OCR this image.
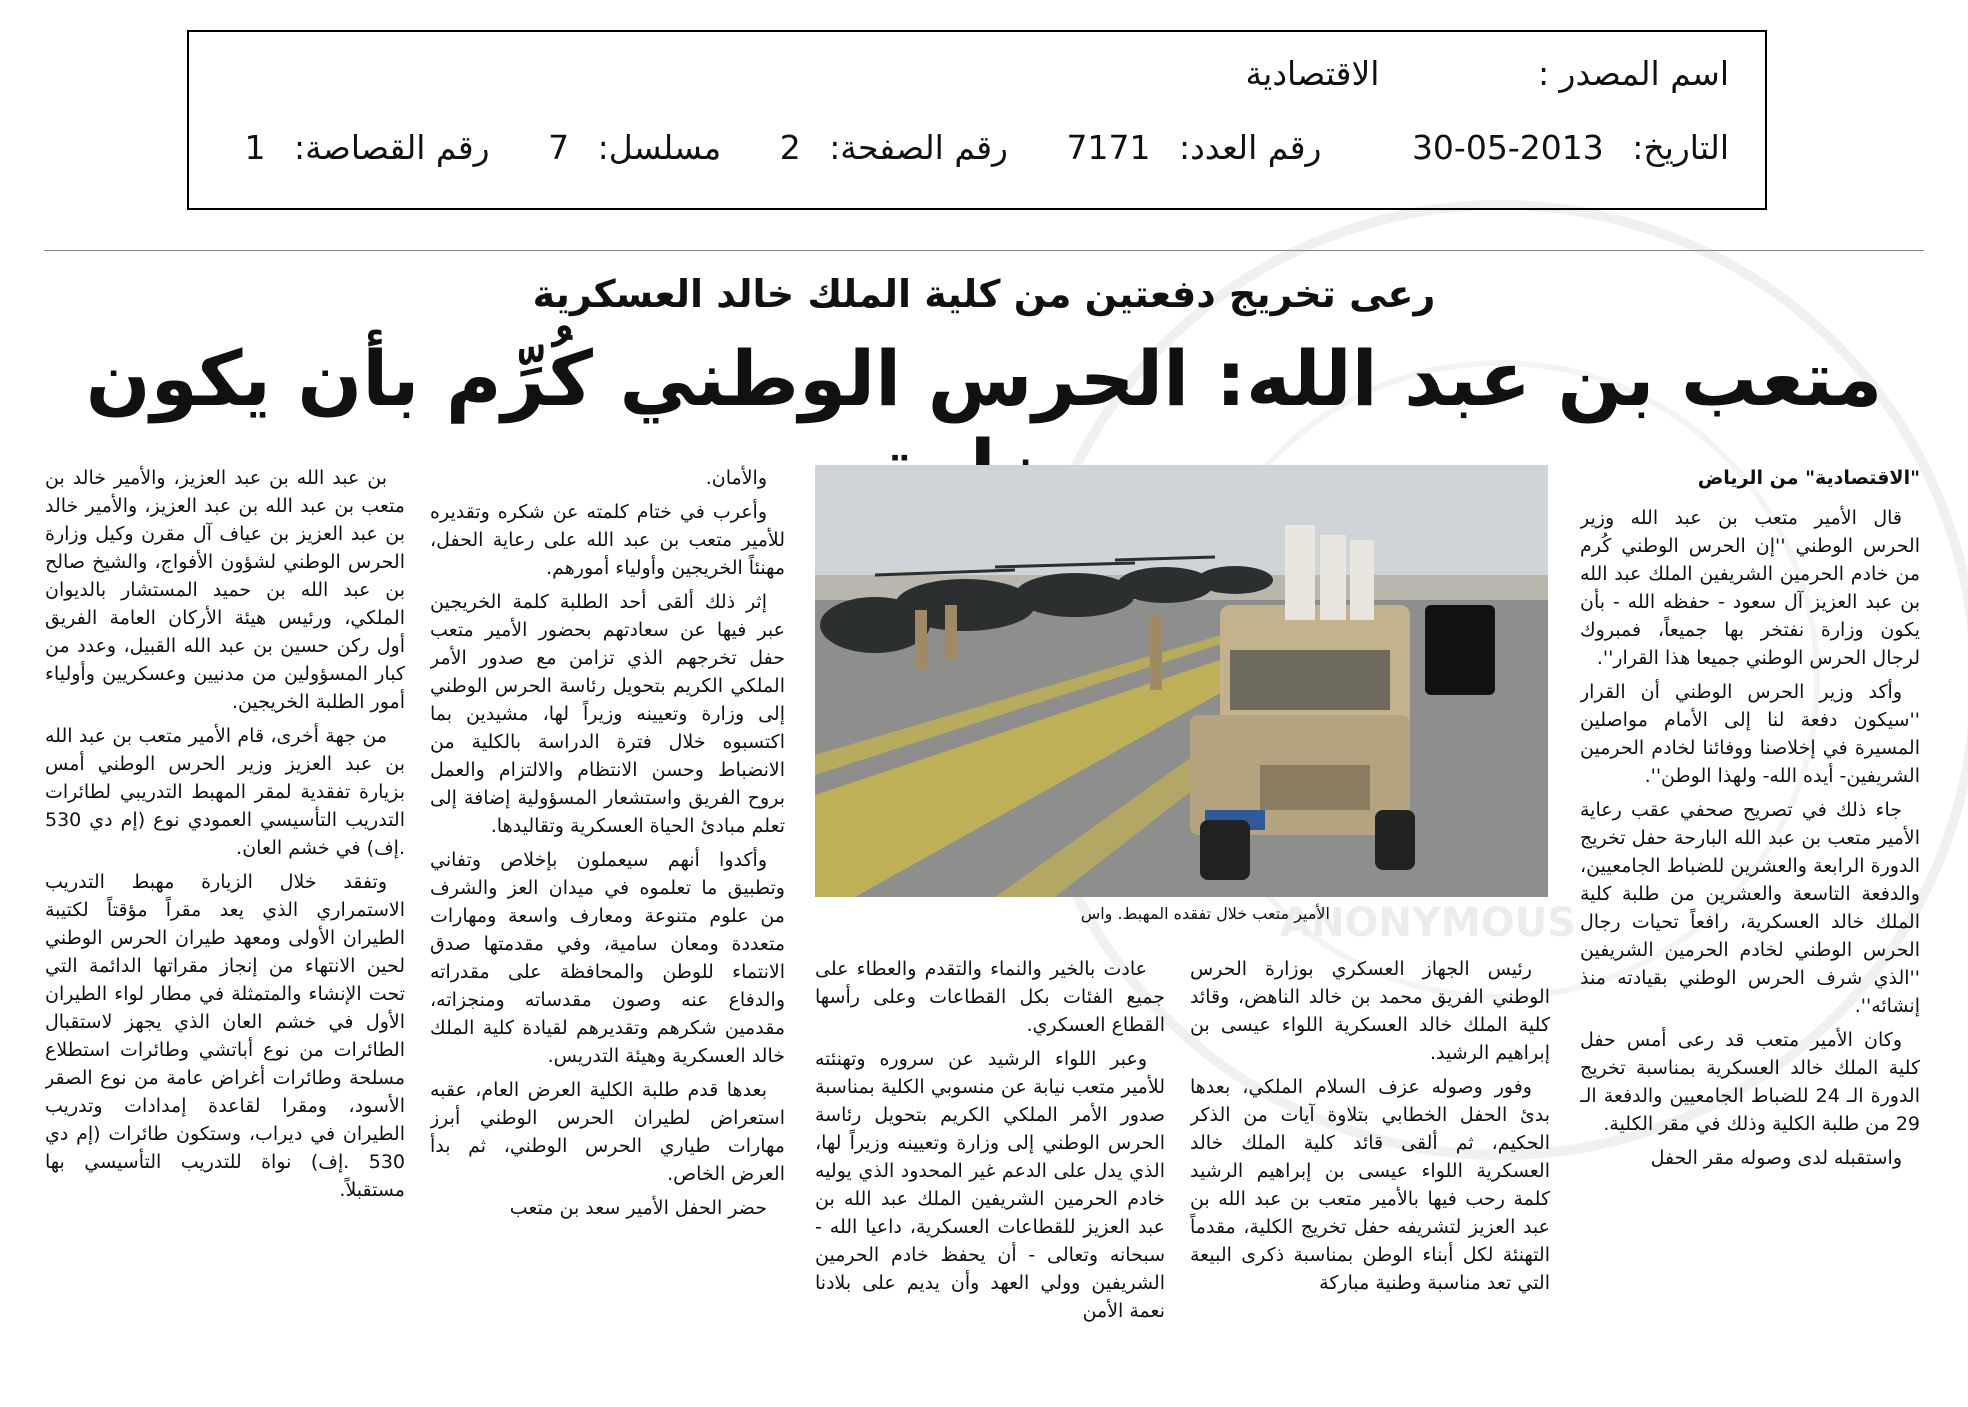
ANONYMOUS
اسم المصدر : الاقتصادية
التاريخ: 30-05-2013 رقم العدد: 7171 رقم الصفحة: 2 مسلسل: 7 رقم القصاصة: 1
رعى تخريج دفعتين من كلية الملك خالد العسكرية
متعب بن عبد الله: الحرس الوطني كُرِّم بأن يكون

"الاقتصادية" من الرياض

قال الأمير متعب بن عبد الله وزير الحرس الوطني ''إن الحرس الوطني كُرم من خادم الحرمين الشريفين الملك عبد الله بن عبد العزيز آل سعود - حفظه الله - بأن يكون وزارة نفتخر بها جميعاً، فمبروك لرجال الحرس الوطني جميعا هذا القرار''.

وأكد وزير الحرس الوطني أن القرار ''سيكون دفعة لنا إلى الأمام مواصلين المسيرة في إخلاصنا ووفائنا لخادم الحرمين الشريفين- أيده الله- ولهذا الوطن''.

جاء ذلك في تصريح صحفي عقب رعاية الأمير متعب بن عبد الله البارحة حفل تخريج الدورة الرابعة والعشرين للضباط الجامعيين، والدفعة التاسعة والعشرين من طلبة كلية الملك خالد العسكرية، رافعاً تحيات رجال الحرس الوطني لخادم الحرمين الشريفين ''الذي شرف الحرس الوطني بقيادته منذ إنشائه''.

وكان الأمير متعب قد رعى أمس حفل كلية الملك خالد العسكرية بمناسبة تخريج الدورة الـ 24 للضباط الجامعيين والدفعة الـ 29 من طلبة الكلية وذلك في مقر الكلية.

واستقبله لدى وصوله مقر الحفل

الأمير متعب خلال تفقده المهبط. واس

رئيس الجهاز العسكري بوزارة الحرس الوطني الفريق محمد بن خالد الناهض، وقائد كلية الملك خالد العسكرية اللواء عيسى بن إبراهيم الرشيد.

وفور وصوله عزف السلام الملكي، بعدها بدئ الحفل الخطابي بتلاوة آيات من الذكر الحكيم، ثم ألقى قائد كلية الملك خالد العسكرية اللواء عيسى بن إبراهيم الرشيد كلمة رحب فيها بالأمير متعب بن عبد الله بن عبد العزيز لتشريفه حفل تخريج الكلية، مقدماً التهنئة لكل أبناء الوطن بمناسبة ذكرى البيعة التي تعد مناسبة وطنية مباركة

عادت بالخير والنماء والتقدم والعطاء على جميع الفئات بكل القطاعات وعلى رأسها القطاع العسكري.

وعبر اللواء الرشيد عن سروره وتهنئته للأمير متعب نيابة عن منسوبي الكلية بمناسبة صدور الأمر الملكي الكريم بتحويل رئاسة الحرس الوطني إلى وزارة وتعيينه وزيراً لها، الذي يدل على الدعم غير المحدود الذي يوليه خادم الحرمين الشريفين الملك عبد الله بن عبد العزيز للقطاعات العسكرية، داعيا الله - سبحانه وتعالى - أن يحفظ خادم الحرمين الشريفين وولي العهد وأن يديم على بلادنا نعمة الأمن

والأمان.

وأعرب في ختام كلمته عن شكره وتقديره للأمير متعب بن عبد الله على رعاية الحفل، مهنئاً الخريجين وأولياء أمورهم.

إثر ذلك ألقى أحد الطلبة كلمة الخريجين عبر فيها عن سعادتهم بحضور الأمير متعب حفل تخرجهم الذي تزامن مع صدور الأمر الملكي الكريم بتحويل رئاسة الحرس الوطني إلى وزارة وتعيينه وزيراً لها، مشيدين بما اكتسبوه خلال فترة الدراسة بالكلية من الانضباط وحسن الانتظام والالتزام والعمل بروح الفريق واستشعار المسؤولية إضافة إلى تعلم مبادئ الحياة العسكرية وتقاليدها.

وأكدوا أنهم سيعملون بإخلاص وتفاني وتطبيق ما تعلموه في ميدان العز والشرف من علوم متنوعة ومعارف واسعة ومهارات متعددة ومعان سامية، وفي مقدمتها صدق الانتماء للوطن والمحافظة على مقدراته والدفاع عنه وصون مقدساته ومنجزاته، مقدمين شكرهم وتقديرهم لقيادة كلية الملك خالد العسكرية وهيئة التدريس.

بعدها قدم طلبة الكلية العرض العام، عقبه استعراض لطيران الحرس الوطني أبرز مهارات طياري الحرس الوطني، ثم بدأ العرض الخاص.

حضر الحفل الأمير سعد بن متعب

بن عبد الله بن عبد العزيز، والأمير خالد بن متعب بن عبد الله بن عبد العزيز، والأمير خالد بن عبد العزيز بن عياف آل مقرن وكيل وزارة الحرس الوطني لشؤون الأفواج، والشيخ صالح بن عبد الله بن حميد المستشار بالديوان الملكي، ورئيس هيئة الأركان العامة الفريق أول ركن حسين بن عبد الله القبيل، وعدد من كبار المسؤولين من مدنيين وعسكريين وأولياء أمور الطلبة الخريجين.

من جهة أخرى، قام الأمير متعب بن عبد الله بن عبد العزيز وزير الحرس الوطني أمس بزيارة تفقدية لمقر المهبط التدريبي لطائرات التدريب التأسيسي العمودي نوع (إم دي 530 .إف) في خشم العان.

وتفقد خلال الزيارة مهبط التدريب الاستمراري الذي يعد مقراً مؤقتاً لكتيبة الطيران الأولى ومعهد طيران الحرس الوطني لحين الانتهاء من إنجاز مقراتها الدائمة التي تحت الإنشاء والمتمثلة في مطار لواء الطيران الأول في خشم العان الذي يجهز لاستقبال الطائرات من نوع أباتشي وطائرات استطلاع مسلحة وطائرات أغراض عامة من نوع الصقر الأسود، ومقرا لقاعدة إمدادات وتدريب الطيران في ديراب، وستكون طائرات (إم دي 530 .إف) نواة للتدريب التأسيسي بها مستقبلاً.
